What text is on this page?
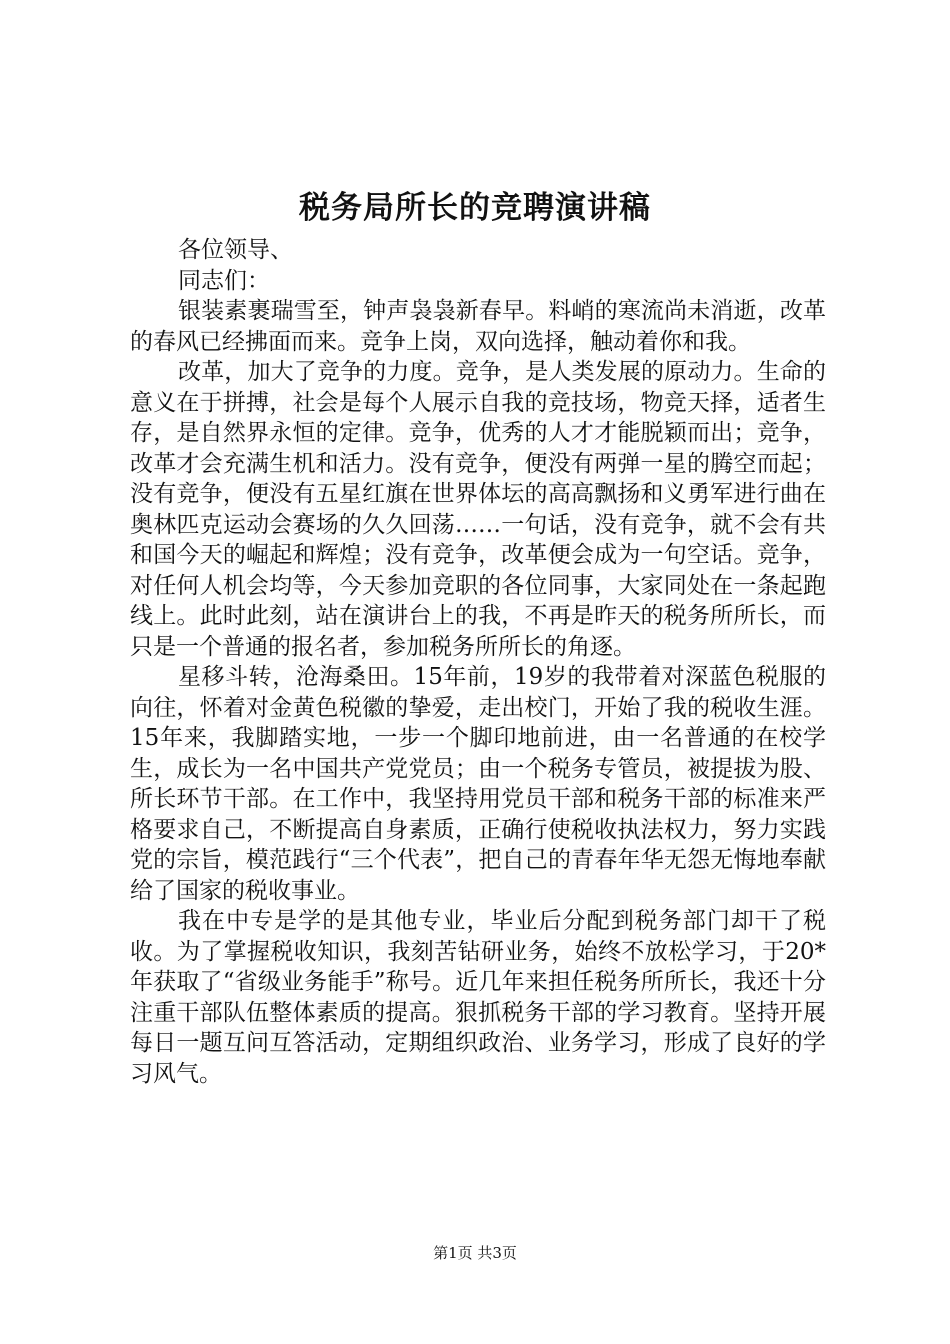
税务局所长的竞聘演讲稿

各位领导、

同志们：

银装素裹瑞雪至，钟声袅袅新春早。料峭的寒流尚未消逝，改革的春风已经拂面而来。竞争上岗，双向选择，触动着你和我。

改革，加大了竞争的力度。竞争，是人类发展的原动力。生命的意义在于拼搏，社会是每个人展示自我的竞技场，物竞天择，适者生存，是自然界永恒的定律。竞争，优秀的人才才能脱颖而出；竞争，改革才会充满生机和活力。没有竞争，便没有两弹一星的腾空而起；没有竞争，便没有五星红旗在世界体坛的高高飘扬和义勇军进行曲在奥林匹克运动会赛场的久久回荡……一句话，没有竞争，就不会有共和国今天的崛起和辉煌；没有竞争，改革便会成为一句空话。竞争，对任何人机会均等，今天参加竞职的各位同事，大家同处在一条起跑线上。此时此刻，站在演讲台上的我，不再是昨天的税务所所长，而只是一个普通的报名者，参加税务所所长的角逐。

星移斗转，沧海桑田。15年前，19岁的我带着对深蓝色税服的向往，怀着对金黄色税徽的挚爱，走出校门，开始了我的税收生涯。15年来，我脚踏实地，一步一个脚印地前进，由一名普通的在校学生，成长为一名中国共产党党员；由一个税务专管员，被提拔为股、所长环节干部。在工作中，我坚持用党员干部和税务干部的标准来严格要求自己，不断提高自身素质，正确行使税收执法权力，努力实践党的宗旨，模范践行“三个代表”，把自己的青春年华无怨无悔地奉献给了国家的税收事业。

我在中专是学的是其他专业，毕业后分配到税务部门却干了税收。为了掌握税收知识，我刻苦钻研业务，始终不放松学习，于20*年获取了“省级业务能手”称号。近几年来担任税务所所长，我还十分注重干部队伍整体素质的提高。狠抓税务干部的学习教育。坚持开展每日一题互问互答活动，定期组织政治、业务学习，形成了良好的学习风气。

第1页 共3页
